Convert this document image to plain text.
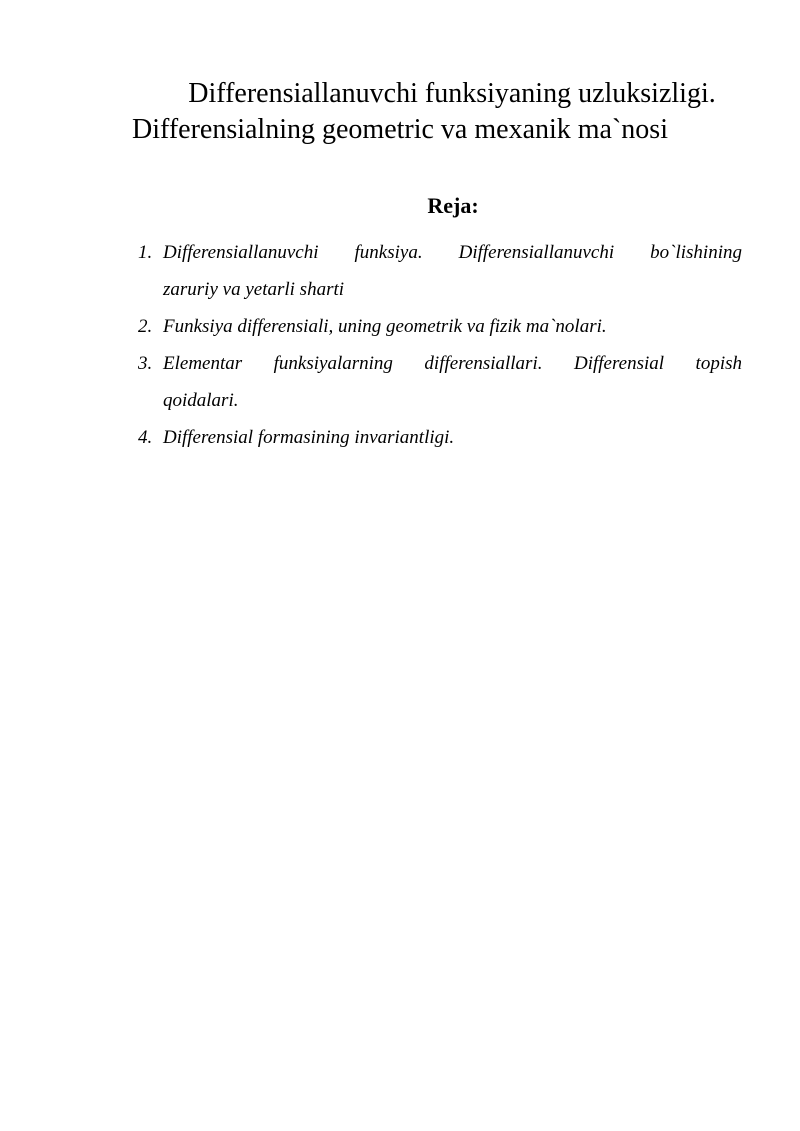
Differensiallanuvchi funksiyaning uzluksizligi.
Differensialning geometric va mexanik ma`nosi
Reja:
1. Differensiallanuvchi funksiya. Differensiallanuvchi bo`lishining
zaruriy va yetarli sharti
2. Funksiya differensiali, uning geometrik va fizik ma`nolari.
3. Elementar funksiyalarning differensiallari. Differensial topish
qoidalari.
4. Differensial formasining invariantligi.
